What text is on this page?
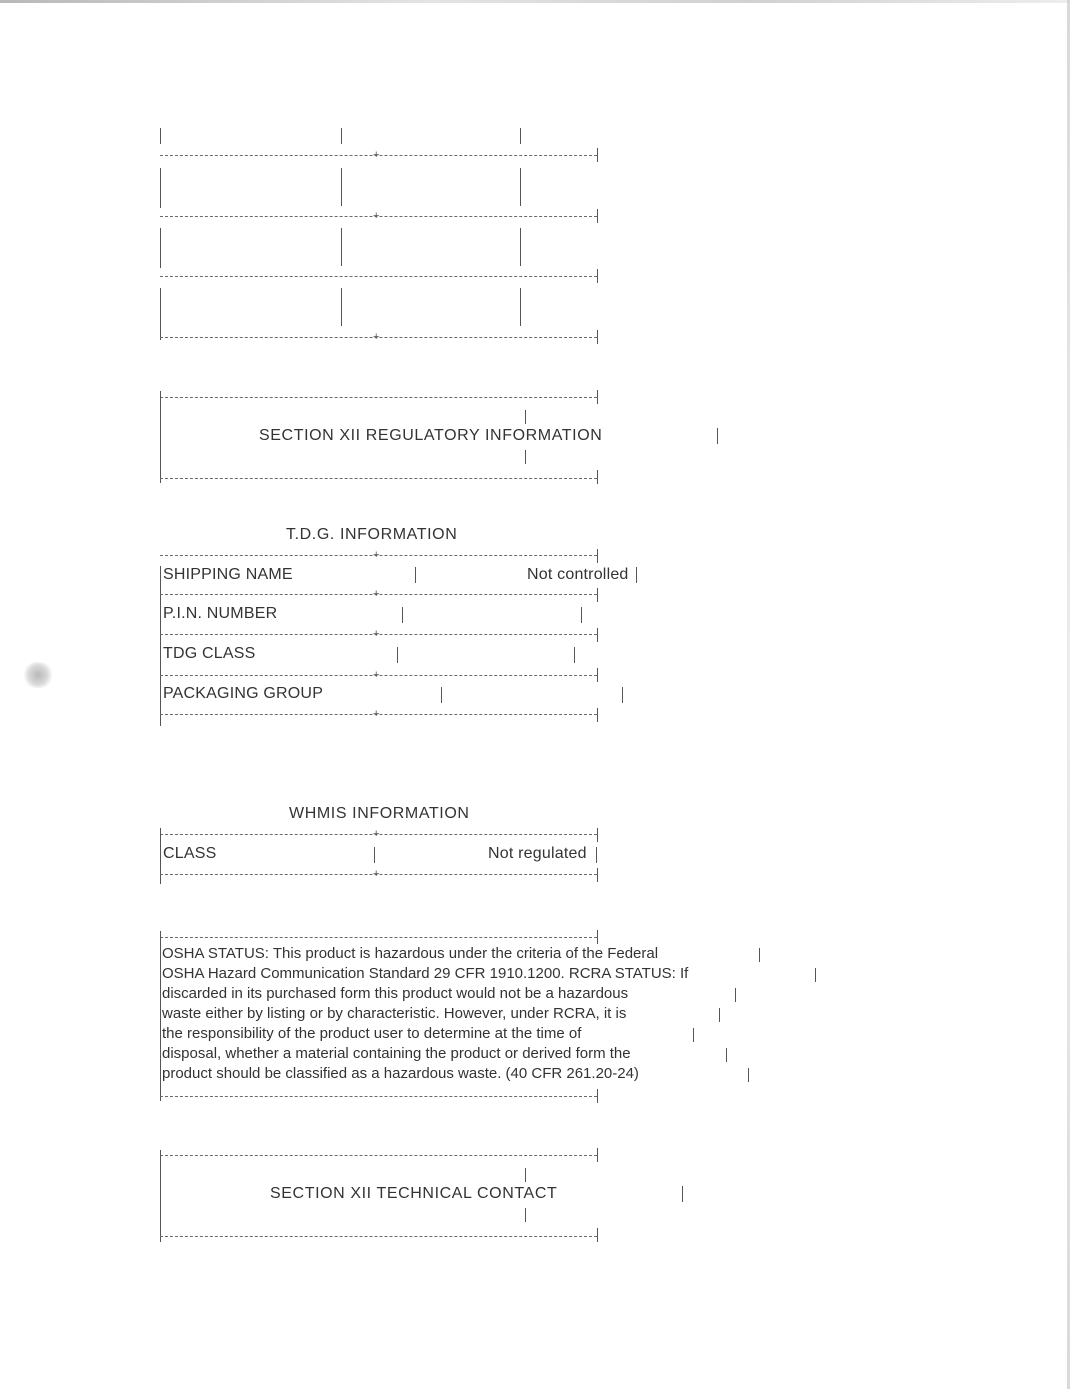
+
+
+
SECTION XII REGULATORY INFORMATION
T.D.G. INFORMATION
+
SHIPPING NAME	Not controlled
+
P.I.N. NUMBER
+
TDG CLASS
+
PACKAGING GROUP
+
WHMIS INFORMATION
+
CLASS	Not regulated
+
OSHA STATUS: This product is hazardous under the criteria of the Federal
OSHA Hazard Communication Standard 29 CFR 1910.1200. RCRA STATUS: If
discarded in its purchased form this product would not be a hazardous
waste either by listing or by characteristic. However, under RCRA, it is
the responsibility of the product user to determine at the time of
disposal, whether a material containing the product or derived form the
product should be classified as a hazardous waste. (40 CFR 261.20-24)
SECTION XII TECHNICAL CONTACT
